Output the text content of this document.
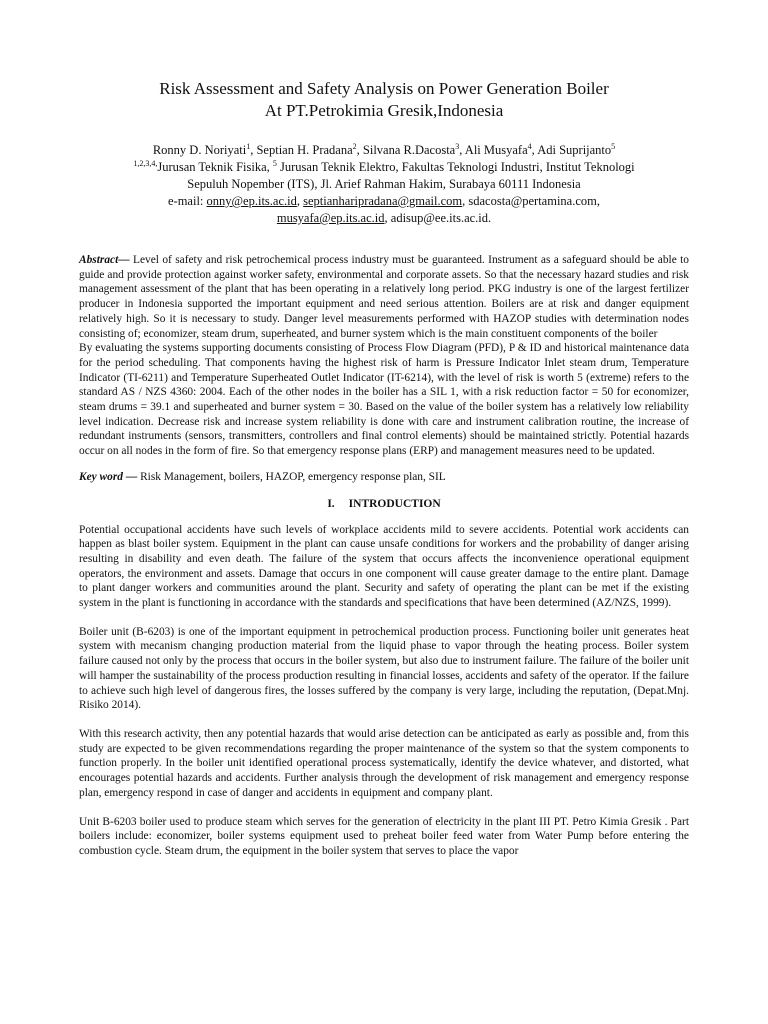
Risk Assessment and Safety Analysis on Power Generation Boiler
At PT.Petrokimia Gresik,Indonesia
Ronny D. Noriyati$^1$, Septian H. Pradana$^2$, Silvana R.Dacosta$^3$, Ali Musyafa$^4$, Adi Suprijanto$^5$
$^{1,2,3,4,}$Jurusan Teknik Fisika, $^5$ Jurusan Teknik Elektro, Fakultas Teknologi Industri, Institut Teknologi
Sepuluh Nopember (ITS), Jl. Arief Rahman Hakim, Surabaya 60111 Indonesia
e-mail: onny@ep.its.ac.id, septianharipradana@gmail.com, sdacosta@pertamina.com,
musyafa@ep.its.ac.id, adisup@ee.its.ac.id.

Abstract— Level of safety and risk petrochemical process industry must be guaranteed. Instrument as a safeguard should be able to guide and provide protection against worker safety, environmental and corporate assets. So that the necessary hazard studies and risk management assessment of the plant that has been operating in a relatively long period. PKG industry is one of the largest fertilizer producer in Indonesia supported the important equipment and need serious attention. Boilers are at risk and danger equipment relatively high. So it is necessary to study. Danger level measurements performed with HAZOP studies with determination nodes consisting of; economizer, steam drum, superheated, and burner system which is the main constituent components of the boiler

By evaluating the systems supporting documents consisting of Process Flow Diagram (PFD), P & ID and historical maintenance data for the period scheduling. That components having the highest risk of harm is Pressure Indicator Inlet steam drum, Temperature Indicator (TI-6211) and Temperature Superheated Outlet Indicator (IT-6214), with the level of risk is worth 5 (extreme) refers to the standard AS / NZS 4360: 2004. Each of the other nodes in the boiler has a SIL 1, with a risk reduction factor = 50 for economizer, steam drums = 39.1 and superheated and burner system = 30. Based on the value of the boiler system has a relatively low reliability level indication. Decrease risk and increase system reliability is done with care and instrument calibration routine, the increase of redundant instruments (sensors, transmitters, controllers and final control elements) should be maintained strictly. Potential hazards occur on all nodes in the form of fire. So that emergency response plans (ERP) and management measures need to be updated.

Key word — Risk Management, boilers, HAZOP, emergency response plan, SIL
I. INTRODUCTION

Potential occupational accidents have such levels of workplace accidents mild to severe accidents. Potential work accidents can happen as blast boiler system. Equipment in the plant can cause unsafe conditions for workers and the probability of danger arising resulting in disability and even death. The failure of the system that occurs affects the inconvenience operational equipment operators, the environment and assets. Damage that occurs in one component will cause greater damage to the entire plant. Damage to plant danger workers and communities around the plant. Security and safety of operating the plant can be met if the existing system in the plant is functioning in accordance with the standards and specifications that have been determined (AZ/NZS, 1999).

Boiler unit (B-6203) is one of the important equipment in petrochemical production process. Functioning boiler unit generates heat system with mecanism changing production material from the liquid phase to vapor through the heating process. Boiler system failure caused not only by the process that occurs in the boiler system, but also due to instrument failure. The failure of the boiler unit will hamper the sustainability of the process production resulting in financial losses, accidents and safety of the operator. If the failure to achieve such high level of dangerous fires, the losses suffered by the company is very large, including the reputation, (Depat.Mnj. Risiko 2014).

With this research activity, then any potential hazards that would arise detection can be anticipated as early as possible and, from this study are expected to be given recommendations regarding the proper maintenance of the system so that the system components to function properly. In the boiler unit identified operational process systematically, identify the device whatever, and distorted, what encourages potential hazards and accidents. Further analysis through the development of risk management and emergency response plan, emergency respond in case of danger and accidents in equipment and company plant.

Unit B-6203 boiler used to produce steam which serves for the generation of electricity in the plant III PT. Petro Kimia Gresik . Part boilers include: economizer, boiler systems equipment used to preheat boiler feed water from Water Pump before entering the combustion cycle. Steam drum, the equipment in the boiler system that serves to place the vapor
